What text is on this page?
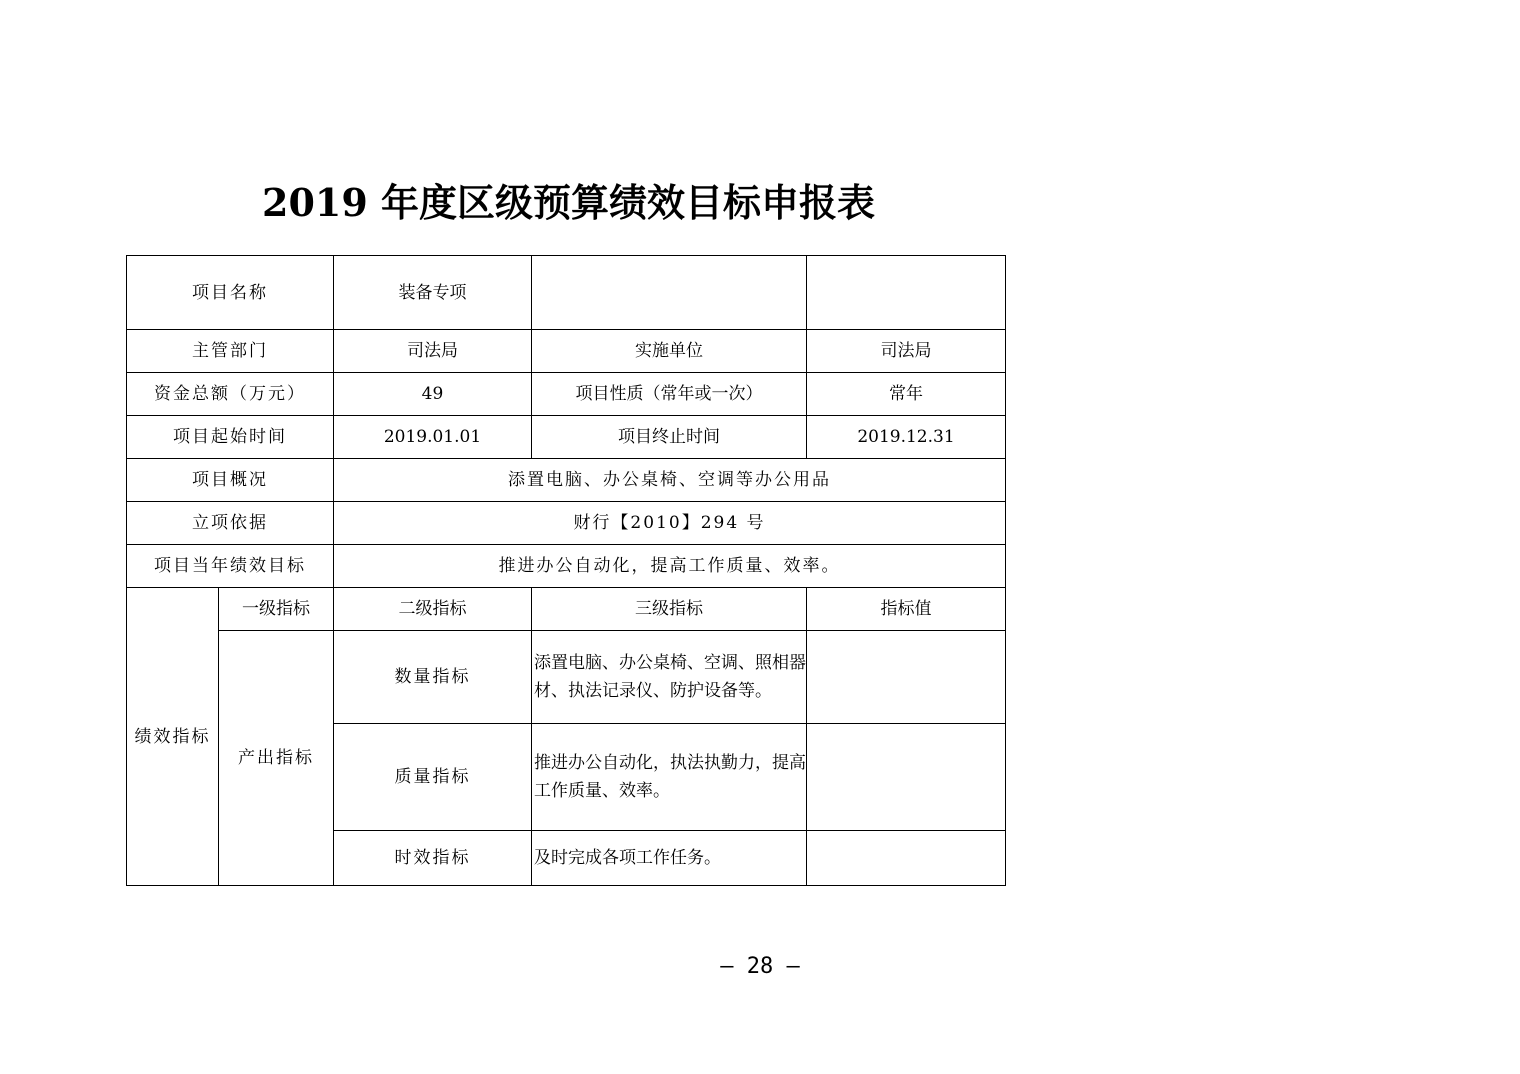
2019 年度区级预算绩效目标申报表
项目名称		装备专项		
主管部门		司法局	实施单位	司法局
资金总额（万元）		49	项目性质（常年或一次）	常年
项目起始时间		2019.01.01	项目终止时间	2019.12.31
项目概况		添置电脑、办公桌椅、空调等办公用品		
立项依据		财行【2010】294 号		
项目当年绩效目标		推进办公自动化，提高工作质量、效率。		
绩效指标	一级指标	二级指标	三级指标	指标值
	产出指标	数量指标	添置电脑、办公桌椅、空调、照相器材、执法记录仪、防护设备等。	
		质量指标	推进办公自动化，执法执勤力，提高工作质量、效率。	
		时效指标	及时完成各项工作任务。	
– 28 –
